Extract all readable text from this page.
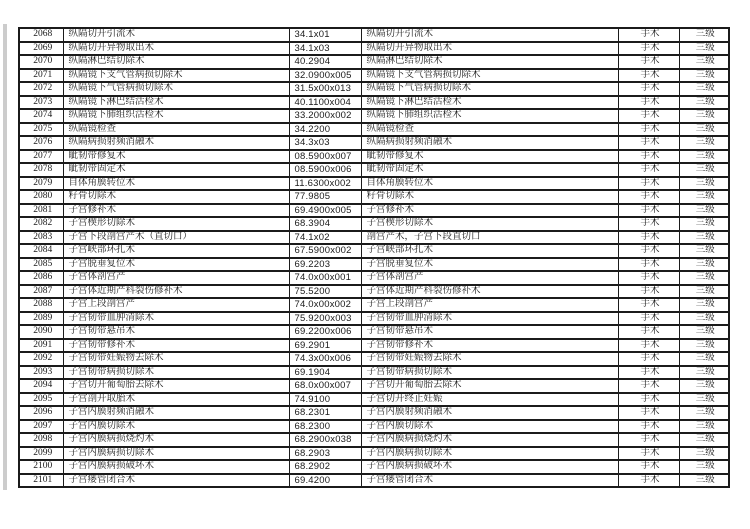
2068	纵隔切开引流术	34.1x01	纵隔切开引流术	手术	三级
2069	纵隔切开异物取出术	34.1x03	纵隔切开异物取出术	手术	三级
2070	纵隔淋巴结切除术	40.2904	纵隔淋巴结切除术	手术	三级
2071	纵隔镜下支气管病损切除术	32.0900x005	纵隔镜下支气管病损切除术	手术	三级
2072	纵隔镜下气管病损切除术	31.5x00x013	纵隔镜下气管病损切除术	手术	三级
2073	纵隔镜下淋巴结活检术	40.1100x004	纵隔镜下淋巴结活检术	手术	三级
2074	纵隔镜下肺组织活检术	33.2000x002	纵隔镜下肺组织活检术	手术	三级
2075	纵隔镜检查	34.2200	纵隔镜检查	手术	三级
2076	纵隔病损射频消融术	34.3x03	纵隔病损射频消融术	手术	三级
2077	眦韧带修复术	08.5900x007	眦韧带修复术	手术	三级
2078	眦韧带固定术	08.5900x006	眦韧带固定术	手术	三级
2079	自体角膜转位术	11.6300x002	自体角膜转位术	手术	三级
2080	籽骨切除术	77.9805	籽骨切除术	手术	三级
2081	子宫修补术	69.4900x005	子宫修补术	手术	三级
2082	子宫楔形切除术	68.3904	子宫楔形切除术	手术	三级
2083	子宫下段剖宫产术（直切口）	74.1x02	剖宫产术，子宫下段直切口	手术	三级
2084	子宫峡部环扎术	67.5900x002	子宫峡部环扎术	手术	三级
2085	子宫脱垂复位术	69.2203	子宫脱垂复位术	手术	三级
2086	子宫体剖宫产	74.0x00x001	子宫体剖宫产	手术	三级
2087	子宫体近期产科裂伤修补术	75.5200	子宫体近期产科裂伤修补术	手术	三级
2088	子宫上段剖宫产	74.0x00x002	子宫上段剖宫产	手术	三级
2089	子宫韧带血肿清除术	75.9200x003	子宫韧带血肿清除术	手术	三级
2090	子宫韧带悬吊术	69.2200x006	子宫韧带悬吊术	手术	三级
2091	子宫韧带修补术	69.2901	子宫韧带修补术	手术	三级
2092	子宫韧带妊娠物去除术	74.3x00x006	子宫韧带妊娠物去除术	手术	三级
2093	子宫韧带病损切除术	69.1904	子宫韧带病损切除术	手术	三级
2094	子宫切开葡萄胎去除术	68.0x00x007	子宫切开葡萄胎去除术	手术	三级
2095	子宫剖开取胎术	74.9100	子宫切开终止妊娠	手术	三级
2096	子宫内膜射频消融术	68.2301	子宫内膜射频消融术	手术	三级
2097	子宫内膜切除术	68.2300	子宫内膜切除术	手术	三级
2098	子宫内膜病损烧灼术	68.2900x038	子宫内膜病损烧灼术	手术	三级
2099	子宫内膜病损切除术	68.2903	子宫内膜病损切除术	手术	三级
2100	子宫内膜病损破坏术	68.2902	子宫内膜病损破坏术	手术	三级
2101	子宫瘘管闭合术	69.4200	子宫瘘管闭合术	手术	三级
